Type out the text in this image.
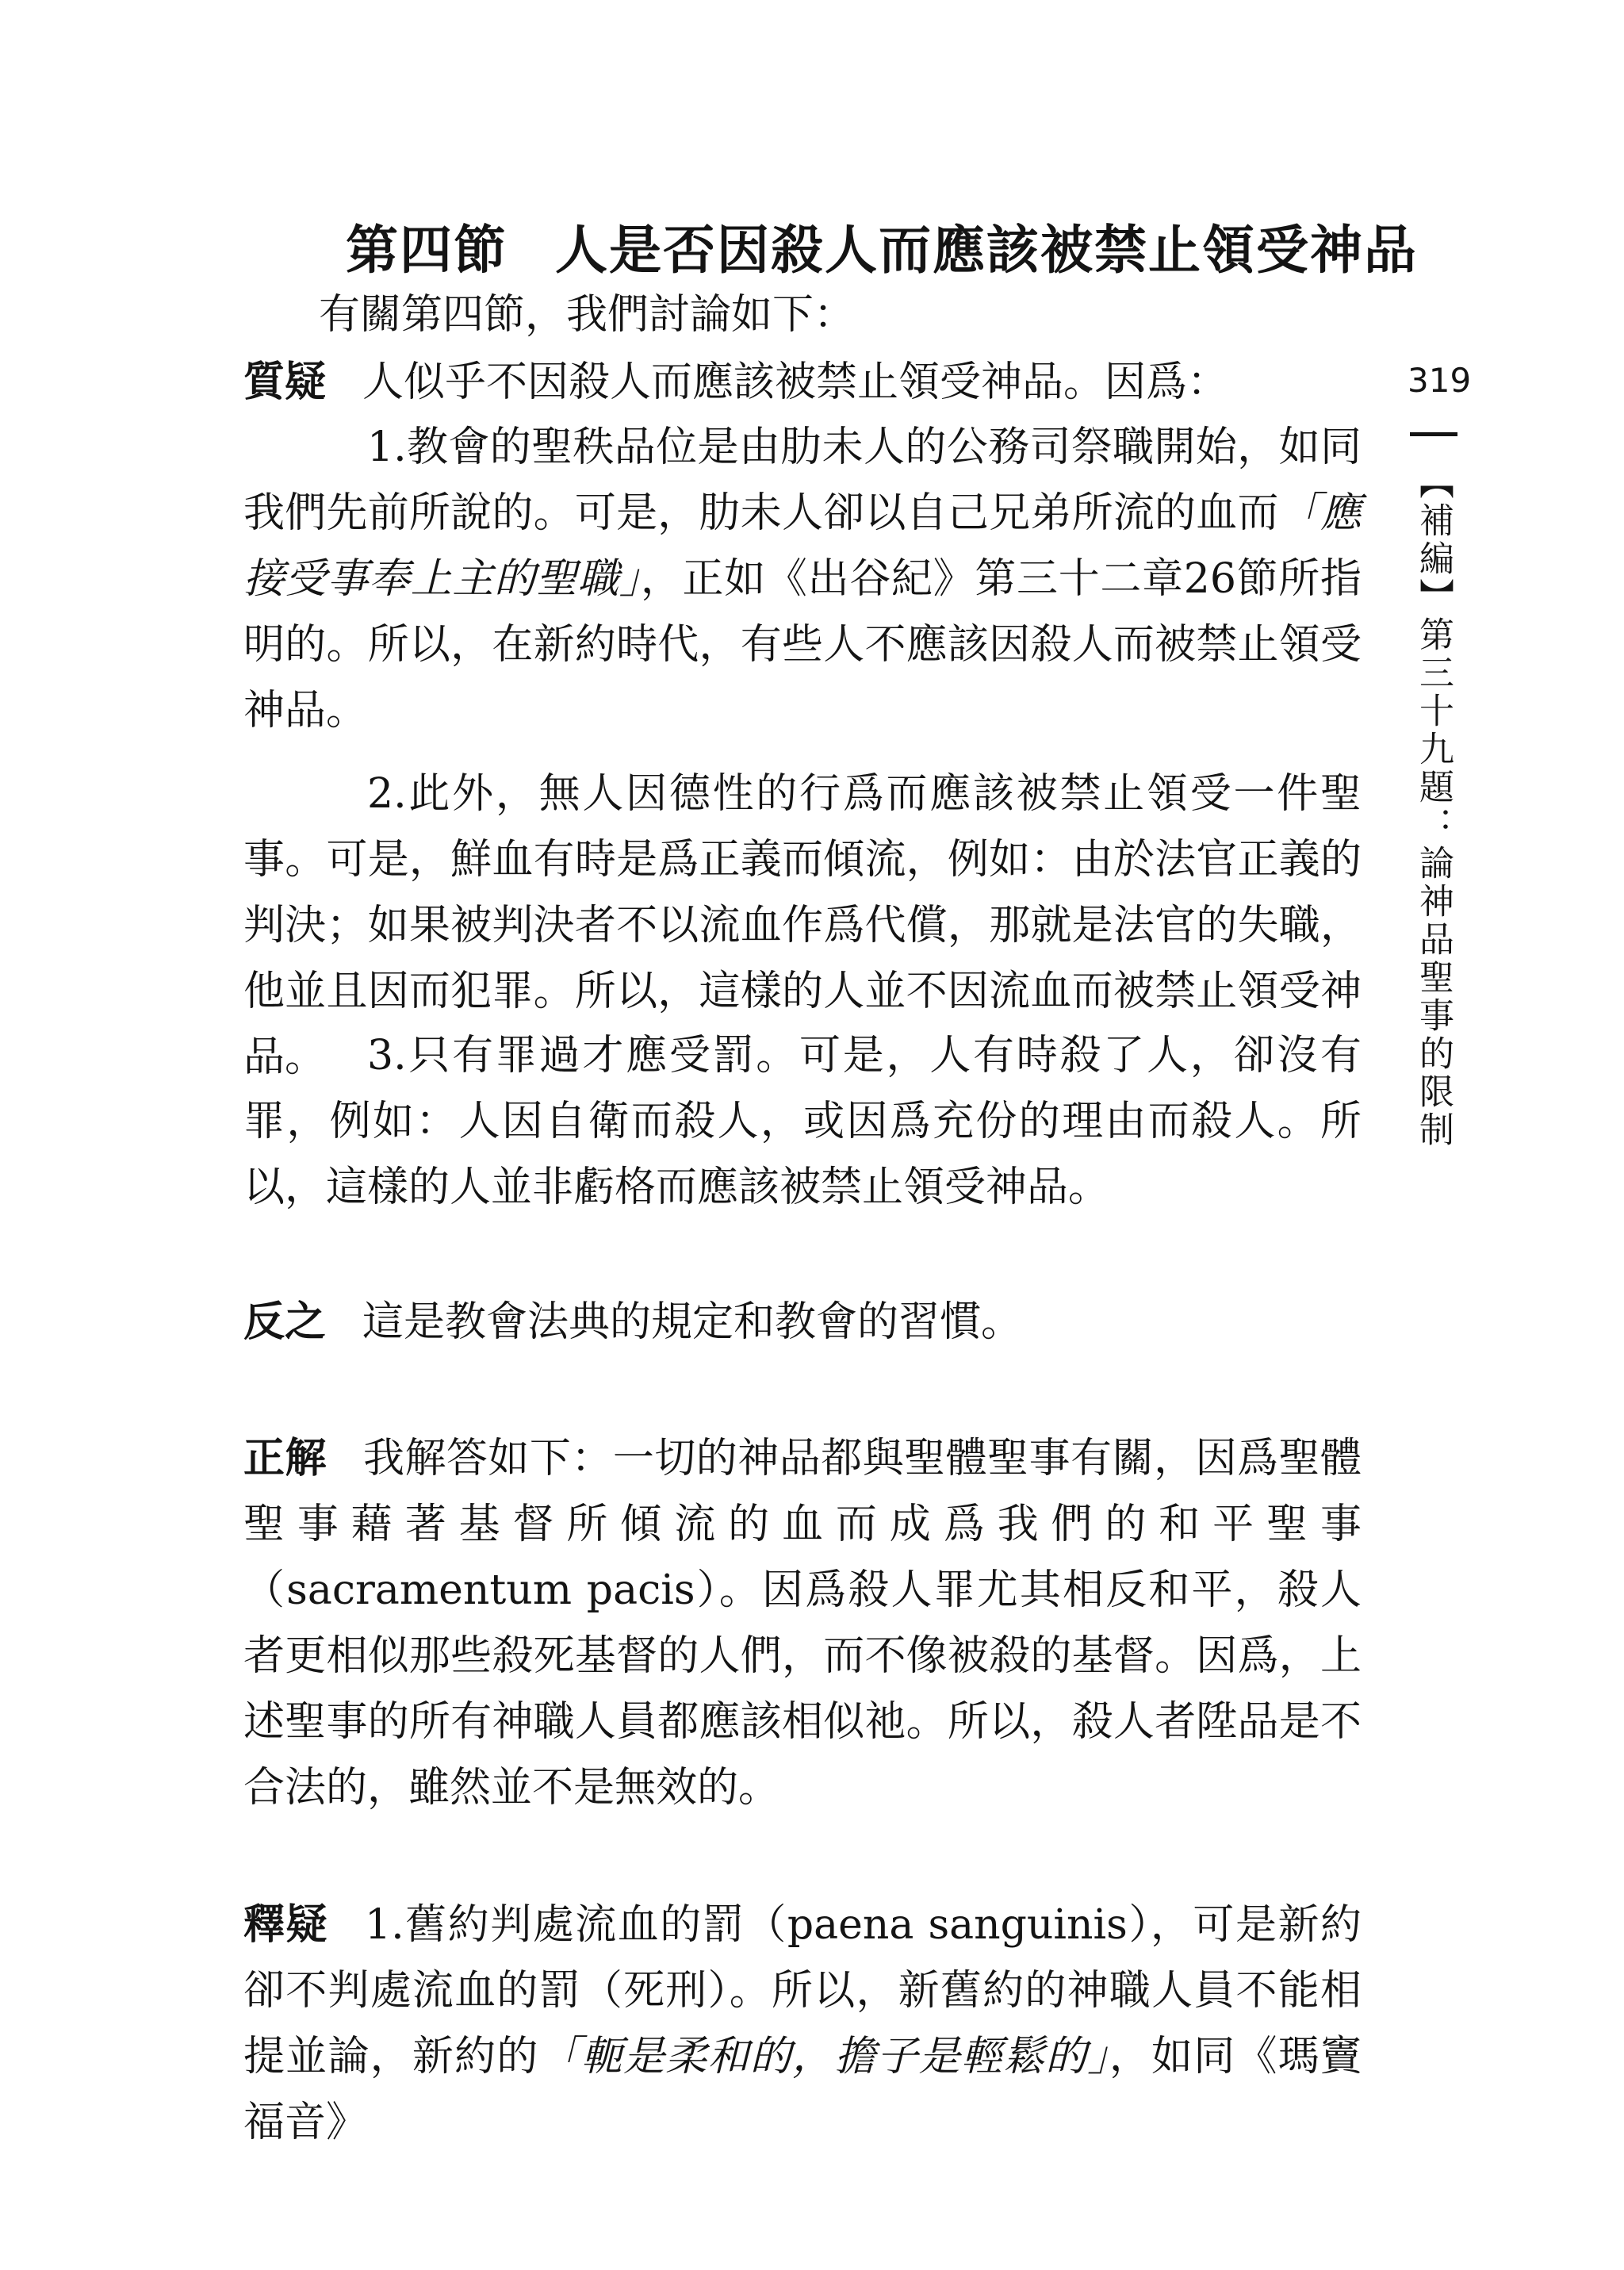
第四節 人是否因殺人而應該被禁止領受神品
有關第四節，我們討論如下：
質疑 人似乎不因殺人而應該被禁止領受神品。因爲：
1.教會的聖秩品位是由肋未人的公務司祭職開始，如同我們先前所說的。可是，肋未人卻以自己兄弟所流的血而「應接受事奉上主的聖職」，正如《出谷紀》第三十二章26節所指明的。所以，在新約時代，有些人不應該因殺人而被禁止領受神品。
2.此外，無人因德性的行爲而應該被禁止領受一件聖事。可是，鮮血有時是爲正義而傾流，例如：由於法官正義的判決；如果被判決者不以流血作爲代償，那就是法官的失職，他並且因而犯罪。所以，這樣的人並不因流血而被禁止領受神品。 3.只有罪過才應受罰。可是，人有時殺了人，卻沒有罪，例如：人因自衛而殺人，或因爲充份的理由而殺人。所以，這樣的人並非虧格而應該被禁止領受神品。
反之 這是教會法典的規定和教會的習慣。
正解 我解答如下：一切的神品都與聖體聖事有關，因爲聖體聖事藉著基督所傾流的血而成爲我們的和平聖事（sacramentum pacis）。因爲殺人罪尤其相反和平，殺人者更相似那些殺死基督的人們，而不像被殺的基督。因爲，上述聖事的所有神職人員都應該相似祂。所以，殺人者陞品是不合法的，雖然並不是無效的。
釋疑 1.舊約判處流血的罰（paena sanguinis），可是新約卻不判處流血的罰（死刑）。所以，新舊約的神職人員不能相提並論，新約的「軛是柔和的，擔子是輕鬆的」，如同《瑪竇福音》
319
【補編】第三十九題：論神品聖事的限制
